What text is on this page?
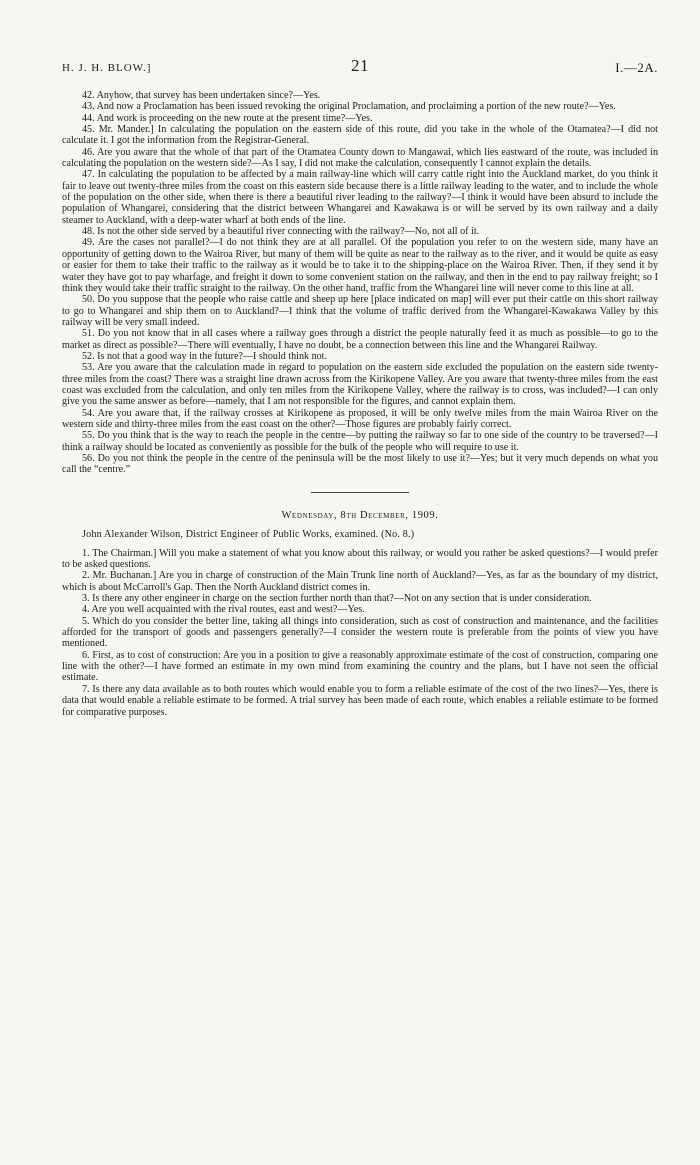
H. J. H. BLOW.]	21	I.—2A.

42. Anyhow, that survey has been undertaken since?—Yes.

43. And now a Proclamation has been issued revoking the original Proclamation, and proclaiming a portion of the new route?—Yes.

44. And work is proceeding on the new route at the present time?—Yes.

45. Mr. Mander.] In calculating the population on the eastern side of this route, did you take in the whole of the Otamatea?—I did not calculate it. I got the information from the Registrar-General.

46. Are you aware that the whole of that part of the Otamatea County down to Mangawai, which lies eastward of the route, was included in calculating the population on the western side?—As I say, I did not make the calculation, consequently I cannot explain the details.

47. In calculating the population to be affected by a main railway-line which will carry cattle right into the Auckland market, do you think it fair to leave out twenty-three miles from the coast on this eastern side because there is a little railway leading to the water, and to include the whole of the population on the other side, when there is there a beautiful river leading to the railway?—I think it would have been absurd to include the population of Whangarei, considering that the district between Whangarei and Kawakawa is or will be served by its own railway and a daily steamer to Auckland, with a deep-water wharf at both ends of the line.

48. Is not the other side served by a beautiful river connecting with the railway?—No, not all of it.

49. Are the cases not parallel?—I do not think they are at all parallel. Of the population you refer to on the western side, many have an opportunity of getting down to the Wairoa River, but many of them will be quite as near to the railway as to the river, and it would be quite as easy or easier for them to take their traffic to the railway as it would be to take it to the shipping-place on the Wairoa River. Then, if they send it by water they have got to pay wharfage, and freight it down to some convenient station on the railway, and then in the end to pay railway freight; so I think they would take their traffic straight to the railway. On the other hand, traffic from the Whangarei line will never come to this line at all.

50. Do you suppose that the people who raise cattle and sheep up here [place indicated on map] will ever put their cattle on this short railway to go to Whangarei and ship them on to Auckland?—I think that the volume of traffic derived from the Whangarei-Kawakawa Valley by this railway will be very small indeed.

51. Do you not know that in all cases where a railway goes through a district the people naturally feed it as much as possible—to go to the market as direct as possible?—There will eventually, I have no doubt, be a connection between this line and the Whangarei Railway.

52. Is not that a good way in the future?—I should think not.

53. Are you aware that the calculation made in regard to population on the eastern side excluded the population on the eastern side twenty-three miles from the coast? There was a straight line drawn across from the Kirikopene Valley. Are you aware that twenty-three miles from the east coast was excluded from the calculation, and only ten miles from the Kirikopene Valley, where the railway is to cross, was included?—I can only give you the same answer as before—namely, that I am not responsible for the figures, and cannot explain them.

54. Are you aware that, if the railway crosses at Kirikopene as proposed, it will be only twelve miles from the main Wairoa River on the western side and thirty-three miles from the east coast on the other?—Those figures are probably fairly correct.

55. Do you think that is the way to reach the people in the centre—by putting the railway so far to one side of the country to be traversed?—I think a railway should be located as conveniently as possible for the bulk of the people who will require to use it.

56. Do you not think the people in the centre of the peninsula will be the most likely to use it?—Yes; but it very much depends on what you call the “centre.”

Wednesday, 8th December, 1909.
John Alexander Wilson, District Engineer of Public Works, examined. (No. 8.)

1. The Chairman.] Will you make a statement of what you know about this railway, or would you rather be asked questions?—I would prefer to be asked questions.

2. Mr. Buchanan.] Are you in charge of construction of the Main Trunk line north of Auckland?—Yes, as far as the boundary of my district, which is about McCarroll's Gap. Then the North Auckland district comes in.

3. Is there any other engineer in charge on the section further north than that?—Not on any section that is under consideration.

4. Are you well acquainted with the rival routes, east and west?—Yes.

5. Which do you consider the better line, taking all things into consideration, such as cost of construction and maintenance, and the facilities afforded for the transport of goods and passengers generally?—I consider the western route is preferable from the points of view you have mentioned.

6. First, as to cost of construction: Are you in a position to give a reasonably approximate estimate of the cost of construction, comparing one line with the other?—I have formed an estimate in my own mind from examining the country and the plans, but I have not seen the official estimate.

7. Is there any data available as to both routes which would enable you to form a reliable estimate of the cost of the two lines?—Yes, there is data that would enable a reliable estimate to be formed. A trial survey has been made of each route, which enables a reliable estimate to be formed for comparative purposes.
